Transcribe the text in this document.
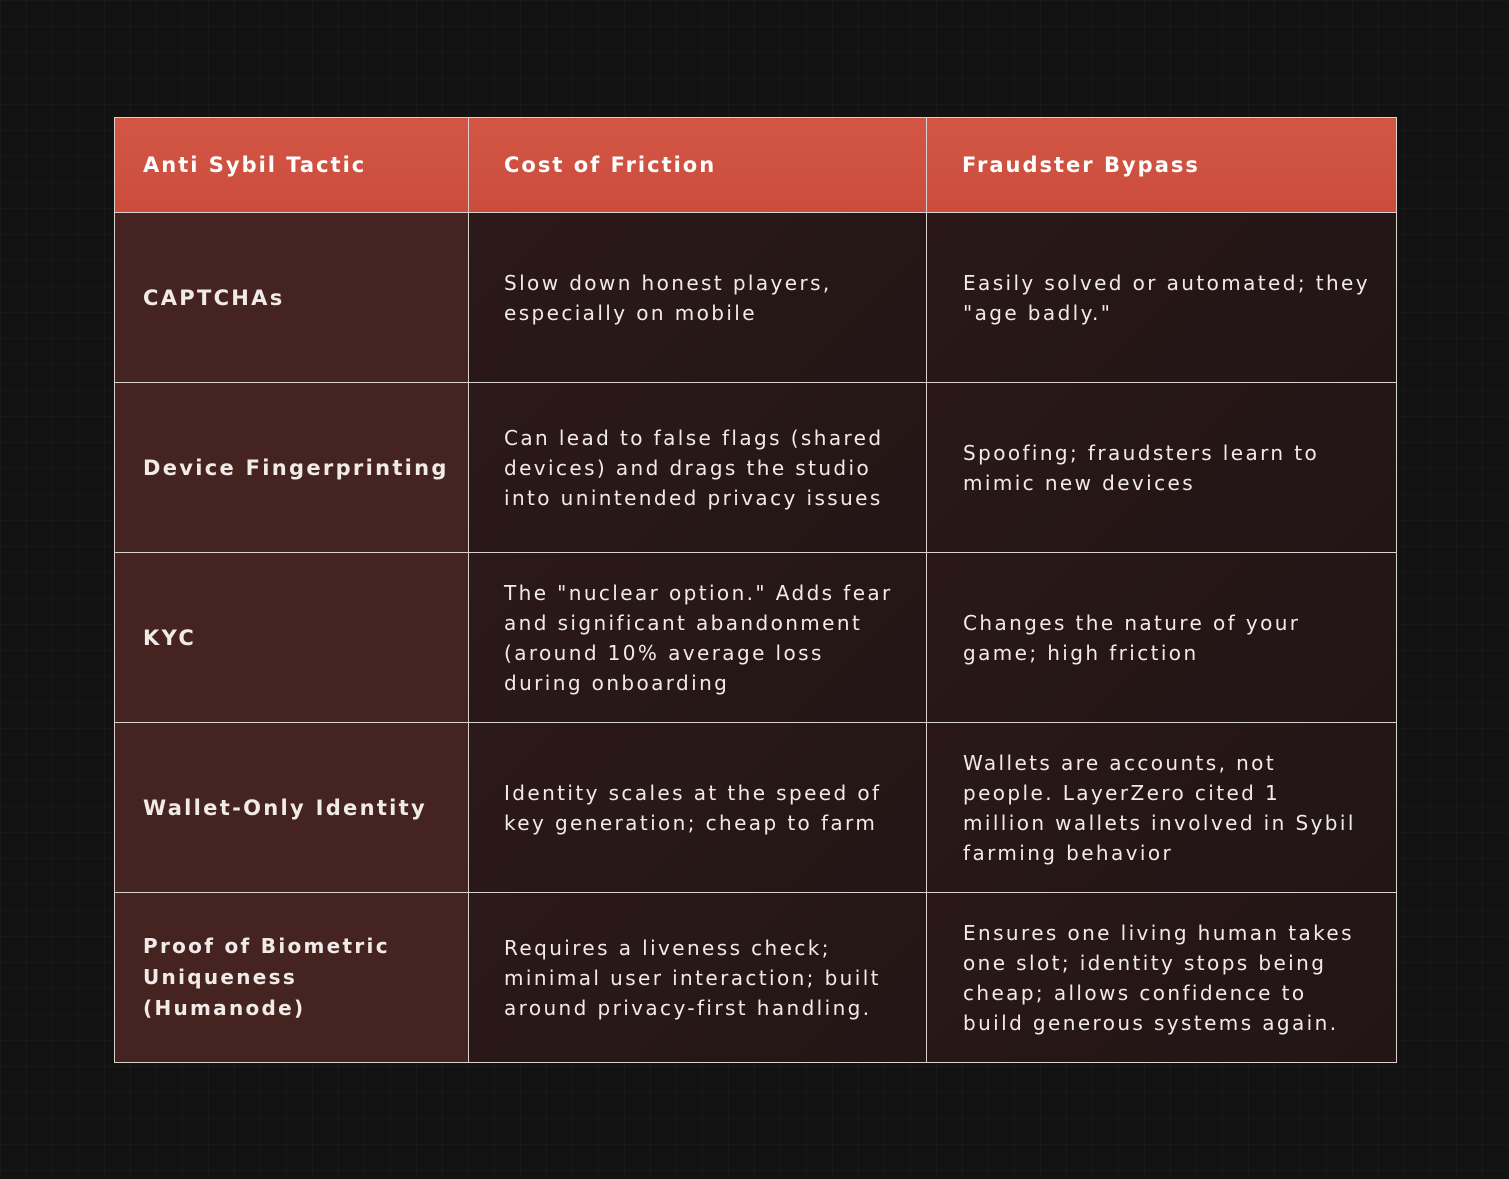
Anti Sybil Tactic	Cost of Friction	Fraudster Bypass
CAPTCHAs	Slow down honest players, especially on mobile	Easily solved or automated; they "age badly."
Device Fingerprinting	Can lead to false flags (shared devices) and drags the studio into unintended privacy issues	Spoofing; fraudsters learn to mimic new devices
KYC	The "nuclear option." Adds fear and significant abandonment (around 10% average loss during onboarding	Changes the nature of your game; high friction
Wallet-Only Identity	Identity scales at the speed of key generation; cheap to farm	Wallets are accounts, not people. LayerZero cited 1 million wallets involved in Sybil farming behavior
Proof of Biometric Uniqueness (Humanode)	Requires a liveness check; minimal user interaction; built around privacy-first handling.	Ensures one living human takes one slot; identity stops being cheap; allows confidence to build generous systems again.
